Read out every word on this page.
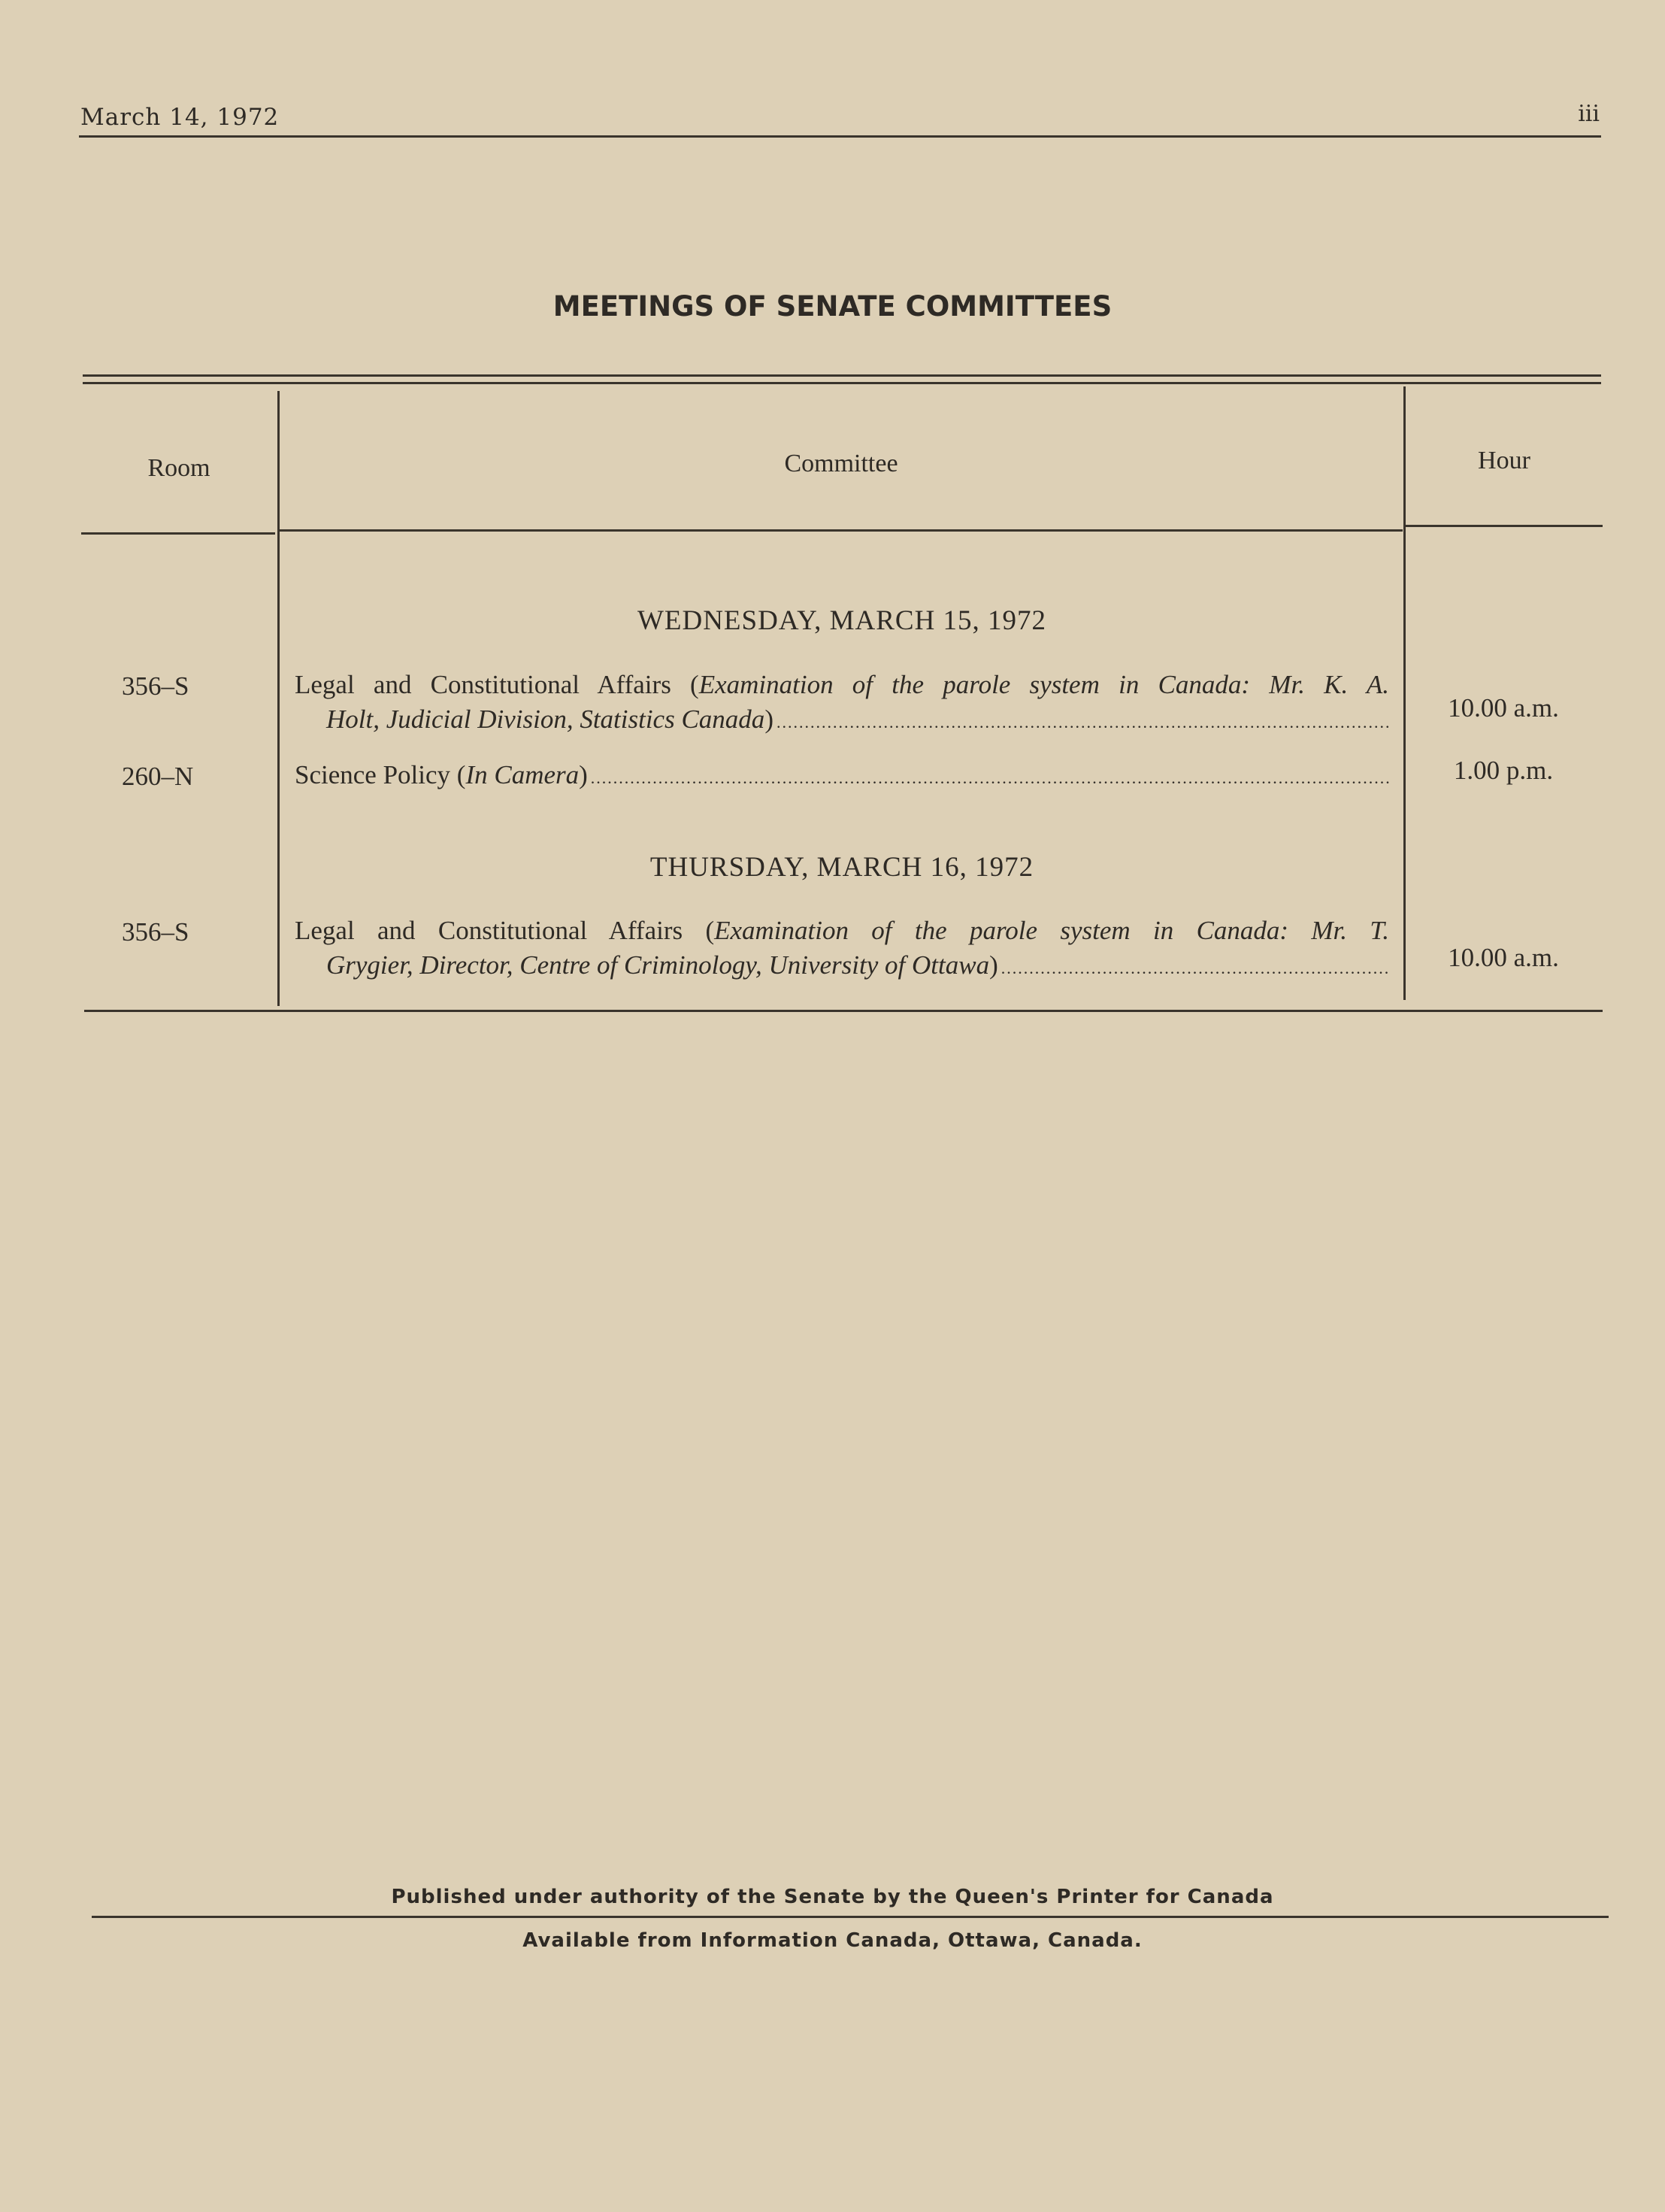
March 14, 1972	iii
MEETINGS OF SENATE COMMITTEES
Room	Committee	Hour
WEDNESDAY, MARCH 15, 1972
356–S	Legal and Constitutional Affairs (Examination of the parole system in Canada: Mr. K. A.
Holt, Judicial Division, Statistics Canada ) .....	10.00 a.m.
260–N	Science Policy ( In Camera ) .....	1.00 p.m.
THURSDAY, MARCH 16, 1972
356–S	Legal and Constitutional Affairs (Examination of the parole system in Canada: Mr. T.
Grygier, Director, Centre of Criminology, University of Ottawa ) .....	10.00 a.m.
Published under authority of the Senate by the Queen's Printer for Canada
Available from Information Canada, Ottawa, Canada.
